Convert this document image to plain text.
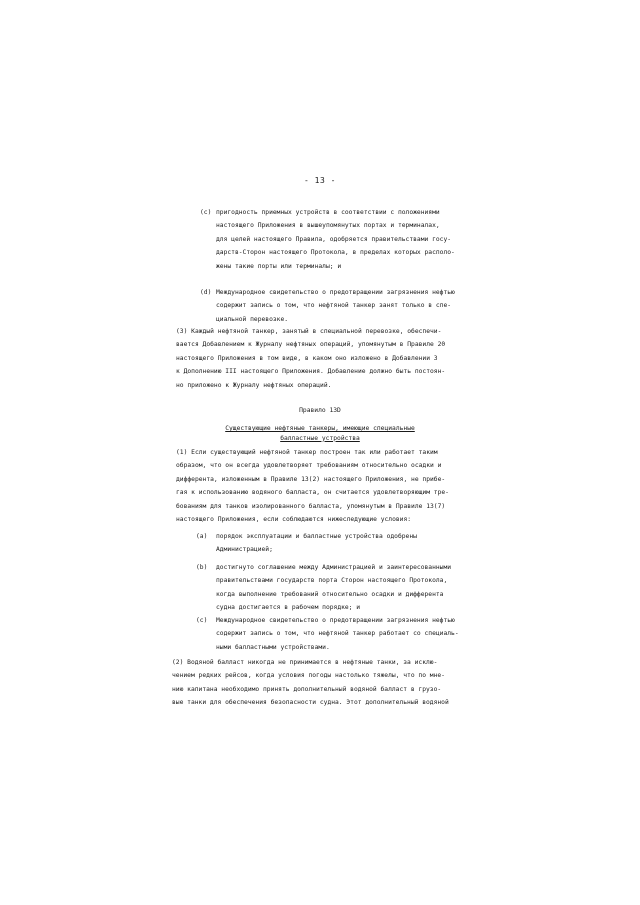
- 13 -
(c) пригодность приемных устройств в соответствии с положениями
настоящего Приложения в вышеупомянутых портах и терминалах,
для целей настоящего Правила, одобряется правительствами госу-
дарств-Сторон настоящего Протокола, в пределах которых располо-
жены такие порты или терминалы; и
(d) Международное свидетельство о предотвращении загрязнения нефтью
содержит запись о том, что нефтяной танкер занят только в спе-
циальной перевозке.
(3) Каждый нефтяной танкер, занятый в специальной перевозке, обеспечи-
вается Добавлением к Журналу нефтяных операций, упомянутым в Правиле 20
настоящего Приложения в том виде, в каком оно изложено в Добавлении 3
к Дополнению III настоящего Приложения. Добавление должно быть постоян-
но приложено к Журналу нефтяных операций.
Правило 13D
Существующие нефтяные танкеры, имеющие специальные
балластные устройства
(1) Если существующий нефтяной танкер построен так или работает таким
образом, что он всегда удовлетворяет требованиям относительно осадки и
дифферента, изложенным в Правиле 13(2) настоящего Приложения, не прибе-
гая к использованию водяного балласта, он считается удовлетворяющим тре-
бованиям для танков изолированного балласта, упомянутым в Правиле 13(7)
настоящего Приложения, если соблюдаются нижеследующие условия:
(a)	порядок эксплуатации и балластные устройства одобрены
Администрацией;
(b)	достигнуто соглашение между Администрацией и заинтересованными
правительствами государств порта Сторон настоящего Протокола,
когда выполнение требований относительно осадки и дифферента
судна достигается в рабочем порядке; и
(c)	Международное свидетельство о предотвращении загрязнения нефтью
содержит запись о том, что нефтяной танкер работает со специаль-
ными балластными устройствами.
(2) Водяной балласт никогда не принимается в нефтяные танки, за исклю-
чением редких рейсов, когда условия погоды настолько тяжелы, что по мне-
нию капитана необходимо принять дополнительный водяной балласт в грузо-
вые танки для обеспечения безопасности судна. Этот дополнительный водяной
